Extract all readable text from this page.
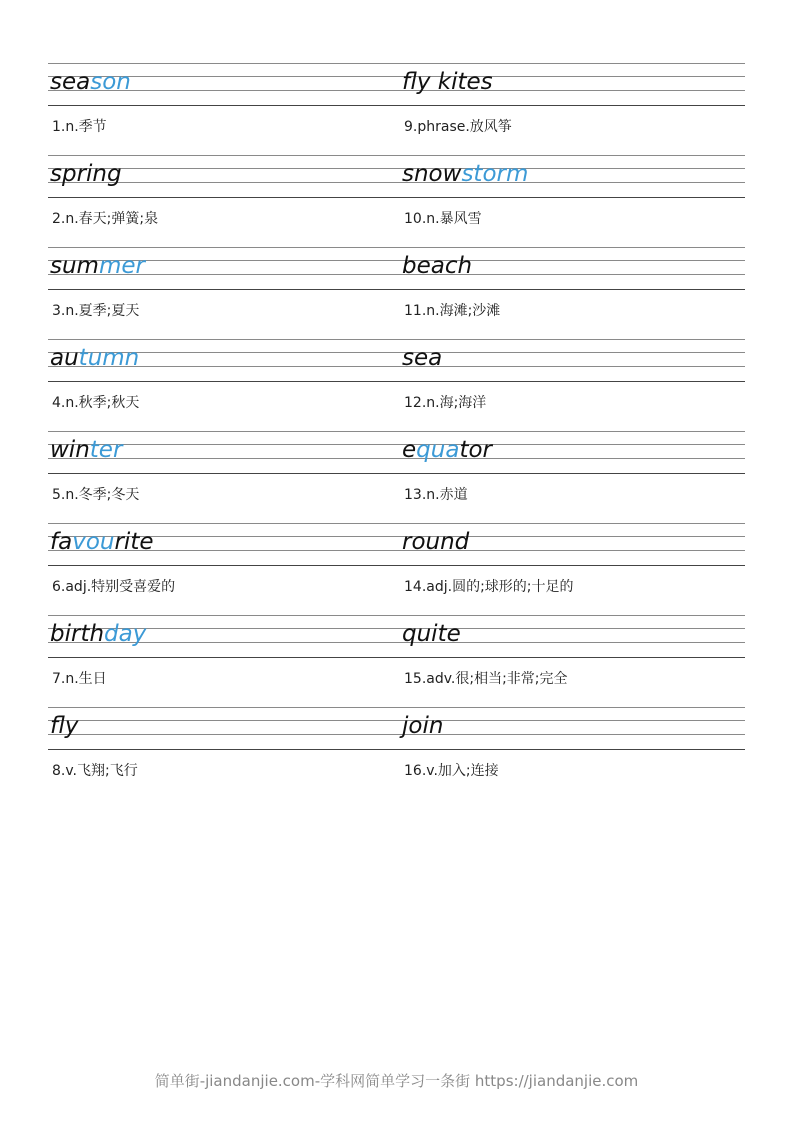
season
1.n.季节
fly kites
9.phrase.放风筝
spring
2.n.春天;弹簧;泉
snowstorm
10.n.暴风雪
summer
3.n.夏季;夏天
beach
11.n.海滩;沙滩
autumn
4.n.秋季;秋天
sea
12.n.海;海洋
winter
5.n.冬季;冬天
equator
13.n.赤道
favourite
6.adj.特别受喜爱的
round
14.adj.圆的;球形的;十足的
birthday
7.n.生日
quite
15.adv.很;相当;非常;完全
fly
8.v.飞翔;飞行
join
16.v.加入;连接
简单街-jiandanjie.com-学科网简单学习一条街 https://jiandanjie.com
